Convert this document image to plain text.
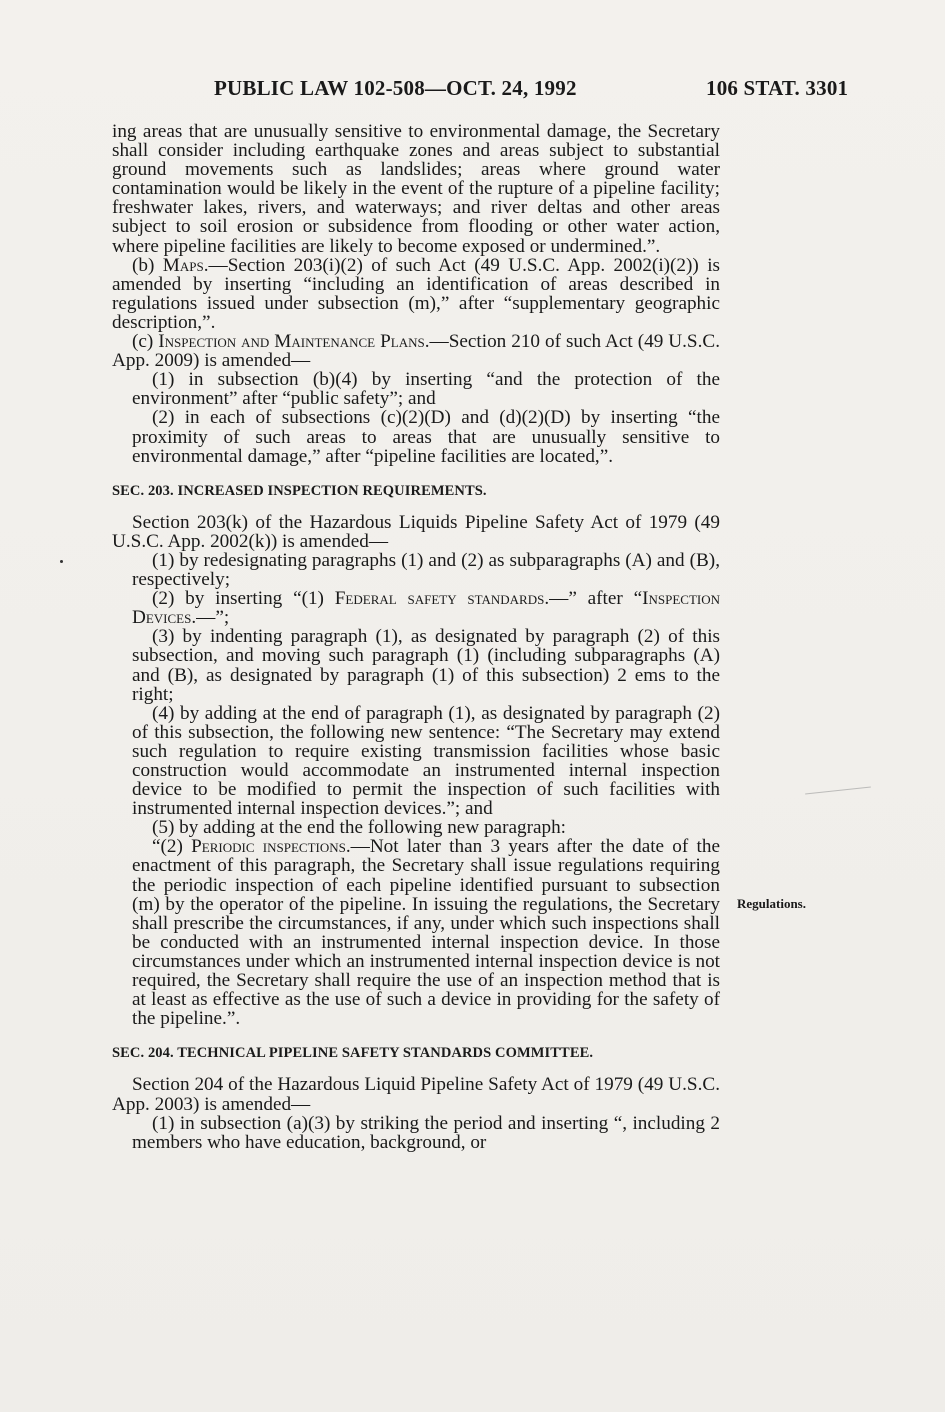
PUBLIC LAW 102-508—OCT. 24, 1992	106 STAT. 3301

ing areas that are unusually sensitive to environmental damage, the Secretary shall consider including earthquake zones and areas subject to substantial ground movements such as landslides; areas where ground water contamination would be likely in the event of the rupture of a pipeline facility; freshwater lakes, rivers, and waterways; and river deltas and other areas subject to soil erosion or subsidence from flooding or other water action, where pipeline facilities are likely to become exposed or undermined.”.

(b) Maps.—Section 203(i)(2) of such Act (49 U.S.C. App. 2002(i)(2)) is amended by inserting “including an identification of areas described in regulations issued under subsection (m),” after “supplementary geographic description,”.

(c) Inspection and Maintenance Plans.—Section 210 of such Act (49 U.S.C. App. 2009) is amended—

(1) in subsection (b)(4) by inserting “and the protection of the environment” after “public safety”; and

(2) in each of subsections (c)(2)(D) and (d)(2)(D) by inserting “the proximity of such areas to areas that are unusually sensitive to environmental damage,” after “pipeline facilities are located,”.

SEC. 203. INCREASED INSPECTION REQUIREMENTS.

Section 203(k) of the Hazardous Liquids Pipeline Safety Act of 1979 (49 U.S.C. App. 2002(k)) is amended—

(1) by redesignating paragraphs (1) and (2) as subparagraphs (A) and (B), respectively;

(2) by inserting “(1) Federal safety standards.—” after “Inspection Devices.—”;

(3) by indenting paragraph (1), as designated by paragraph (2) of this subsection, and moving such paragraph (1) (including subparagraphs (A) and (B), as designated by paragraph (1) of this subsection) 2 ems to the right;

(4) by adding at the end of paragraph (1), as designated by paragraph (2) of this subsection, the following new sentence: “The Secretary may extend such regulation to require existing transmission facilities whose basic construction would accommodate an instrumented internal inspection device to be modified to permit the inspection of such facilities with instrumented internal inspection devices.”; and

(5) by adding at the end the following new paragraph:

“(2) Periodic inspections.—Not later than 3 years after the date of the enactment of this paragraph, the Secretary shall issue regulations requiring the periodic inspection of each pipeline identified pursuant to subsection (m) by the operator of the pipeline. In issuing the regulations, the Secretary shall prescribe the circumstances, if any, under which such inspections shall be conducted with an instrumented internal inspection device. In those circumstances under which an instrumented internal inspection device is not required, the Secretary shall require the use of an inspection method that is at least as effective as the use of such a device in providing for the safety of the pipeline.”.

SEC. 204. TECHNICAL PIPELINE SAFETY STANDARDS COMMITTEE.

Section 204 of the Hazardous Liquid Pipeline Safety Act of 1979 (49 U.S.C. App. 2003) is amended—

(1) in subsection (a)(3) by striking the period and inserting “, including 2 members who have education, background, or

Regulations.
